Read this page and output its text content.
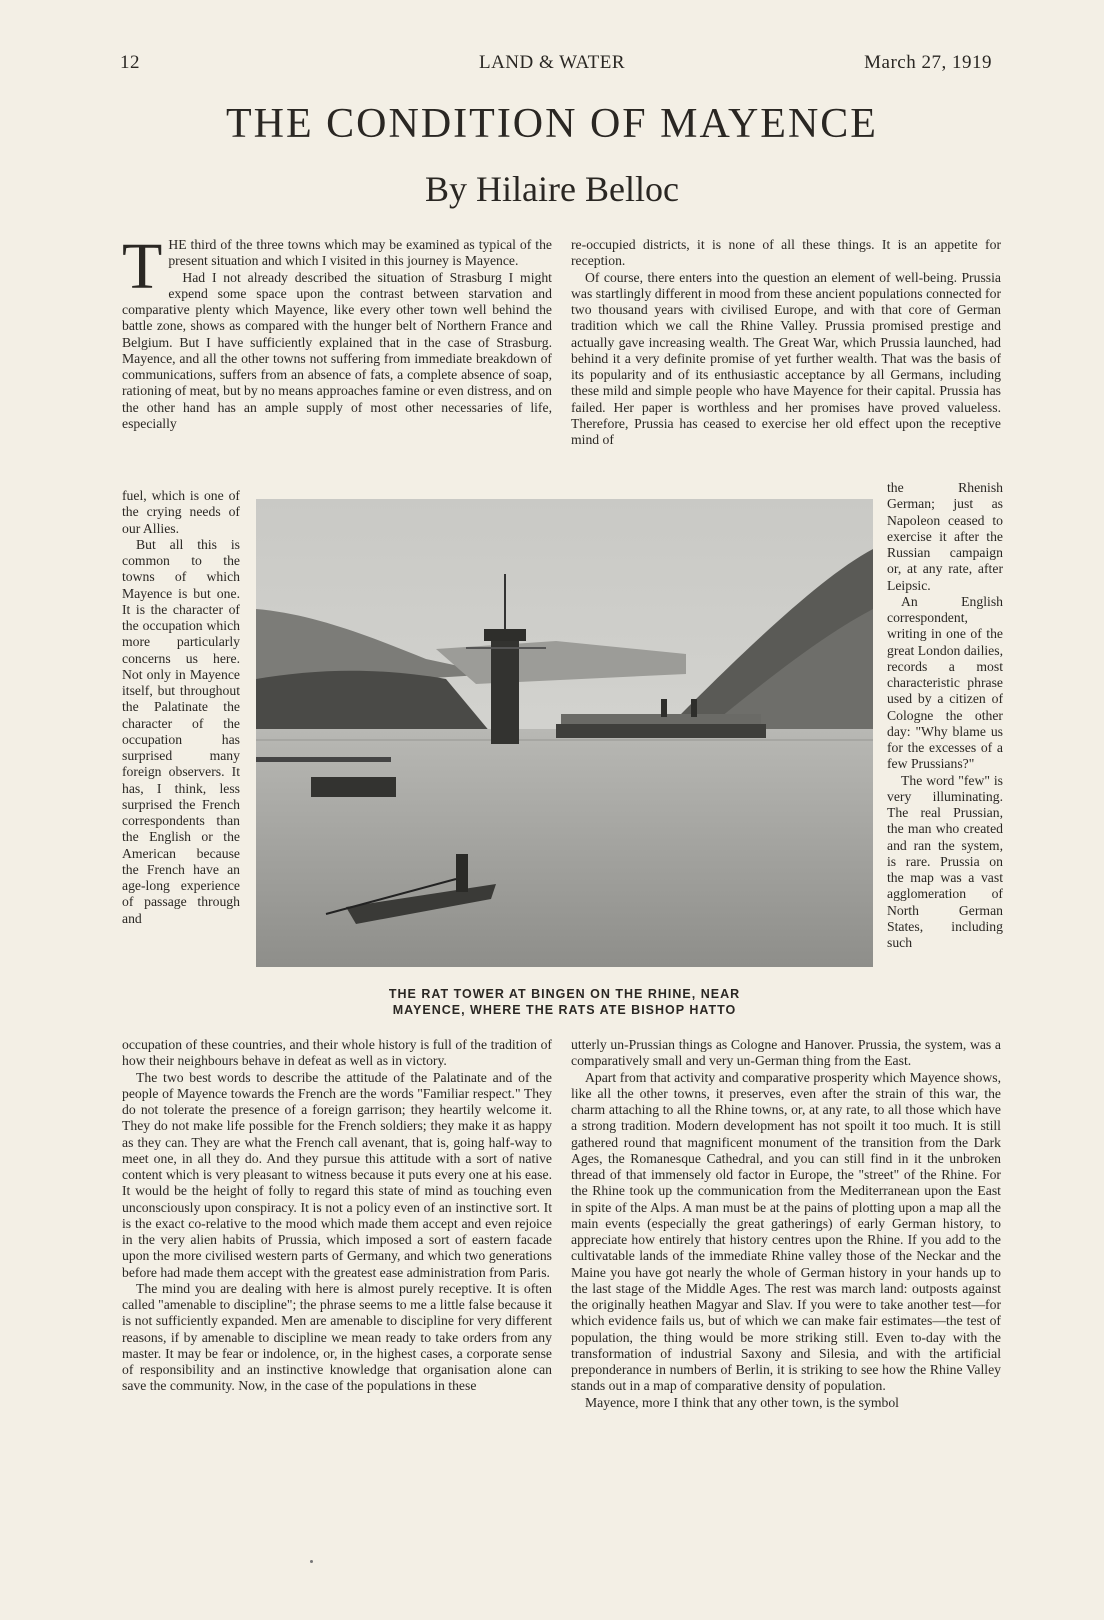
12	LAND & WATER	March 27, 1919
THE CONDITION OF MAYENCE
By Hilaire Belloc
T HE third of the three towns which may be examined as typical of the present situation and which I visited in this journey is Mayence.

Had I not already described the situation of Strasburg I might expend some space upon the contrast between starvation and comparative plenty which Mayence, like every other town well behind the battle zone, shows as compared with the hunger belt of Northern France and Belgium. But I have sufficiently explained that in the case of Strasburg. Mayence, and all the other towns not suffering from immediate breakdown of communications, suffers from an absence of fats, a complete absence of soap, rationing of meat, but by no means approaches famine or even distress, and on the other hand has an ample supply of most other necessaries of life, especially

fuel, which is one of the crying needs of our Allies.

But all this is common to the towns of which Mayence is but one. It is the character of the occupation which more particularly concerns us here. Not only in Mayence itself, but throughout the Palatinate the character of the occupation has surprised many foreign observers. It has, I think, less surprised the French correspondents than the English or the American because the French have an age-long experience of passage through and

occupation of these countries, and their whole history is full of the tradition of how their neighbours behave in defeat as well as in victory.

The two best words to describe the attitude of the Palatinate and of the people of Mayence towards the French are the words "Familiar respect." They do not tolerate the presence of a foreign garrison; they heartily welcome it. They do not make life possible for the French soldiers; they make it as happy as they can. They are what the French call avenant, that is, going half-way to meet one, in all they do. And they pursue this attitude with a sort of native content which is very pleasant to witness because it puts every one at his ease. It would be the height of folly to regard this state of mind as touching even unconsciously upon conspiracy. It is not a policy even of an instinctive sort. It is the exact co-relative to the mood which made them accept and even rejoice in the very alien habits of Prussia, which imposed a sort of eastern facade upon the more civilised western parts of Germany, and which two generations before had made them accept with the greatest ease administration from Paris.

The mind you are dealing with here is almost purely receptive. It is often called "amenable to discipline"; the phrase seems to me a little false because it is not sufficiently expanded. Men are amenable to discipline for very different reasons, if by amenable to discipline we mean ready to take orders from any master. It may be fear or indolence, or, in the highest cases, a corporate sense of responsibility and an instinctive knowledge that organisation alone can save the community. Now, in the case of the populations in these

re-occupied districts, it is none of all these things. It is an appetite for reception.

Of course, there enters into the question an element of well-being. Prussia was startlingly different in mood from these ancient populations connected for two thousand years with civilised Europe, and with that core of German tradition which we call the Rhine Valley. Prussia promised prestige and actually gave increasing wealth. The Great War, which Prussia launched, had behind it a very definite promise of yet further wealth. That was the basis of its popularity and of its enthusiastic acceptance by all Germans, including these mild and simple people who have Mayence for their capital. Prussia has failed. Her paper is worthless and her promises have proved valueless. Therefore, Prussia has ceased to exercise her old effect upon the receptive mind of

the Rhenish German; just as Napoleon ceased to exercise it after the Russian campaign or, at any rate, after Leipsic.

An English correspondent, writing in one of the great London dailies, records a most characteristic phrase used by a citizen of Cologne the other day: "Why blame us for the excesses of a few Prussians?"

The word "few" is very illuminating. The real Prussian, the man who created and ran the system, is rare. Prussia on the map was a vast agglomeration of North German States, including such

utterly un-Prussian things as Cologne and Hanover. Prussia, the system, was a comparatively small and very un-German thing from the East.

Apart from that activity and comparative prosperity which Mayence shows, like all the other towns, it preserves, even after the strain of this war, the charm attaching to all the Rhine towns, or, at any rate, to all those which have a strong tradition. Modern development has not spoilt it too much. It is still gathered round that magnificent monument of the transition from the Dark Ages, the Romanesque Cathedral, and you can still find in it the unbroken thread of that immensely old factor in Europe, the "street" of the Rhine. For the Rhine took up the communication from the Mediterranean upon the East in spite of the Alps. A man must be at the pains of plotting upon a map all the main events (especially the great gatherings) of early German history, to appreciate how entirely that history centres upon the Rhine. If you add to the cultivatable lands of the immediate Rhine valley those of the Neckar and the Maine you have got nearly the whole of German history in your hands up to the last stage of the Middle Ages. The rest was march land: outposts against the originally heathen Magyar and Slav. If you were to take another test—for which evidence fails us, but of which we can make fair estimates—the test of population, the thing would be more striking still. Even to-day with the transformation of industrial Saxony and Silesia, and with the artificial preponderance in numbers of Berlin, it is striking to see how the Rhine Valley stands out in a map of comparative density of population.

Mayence, more I think that any other town, is the symbol

THE RAT TOWER AT BINGEN ON THE RHINE, NEAR
MAYENCE, WHERE THE RATS ATE BISHOP HATTO
